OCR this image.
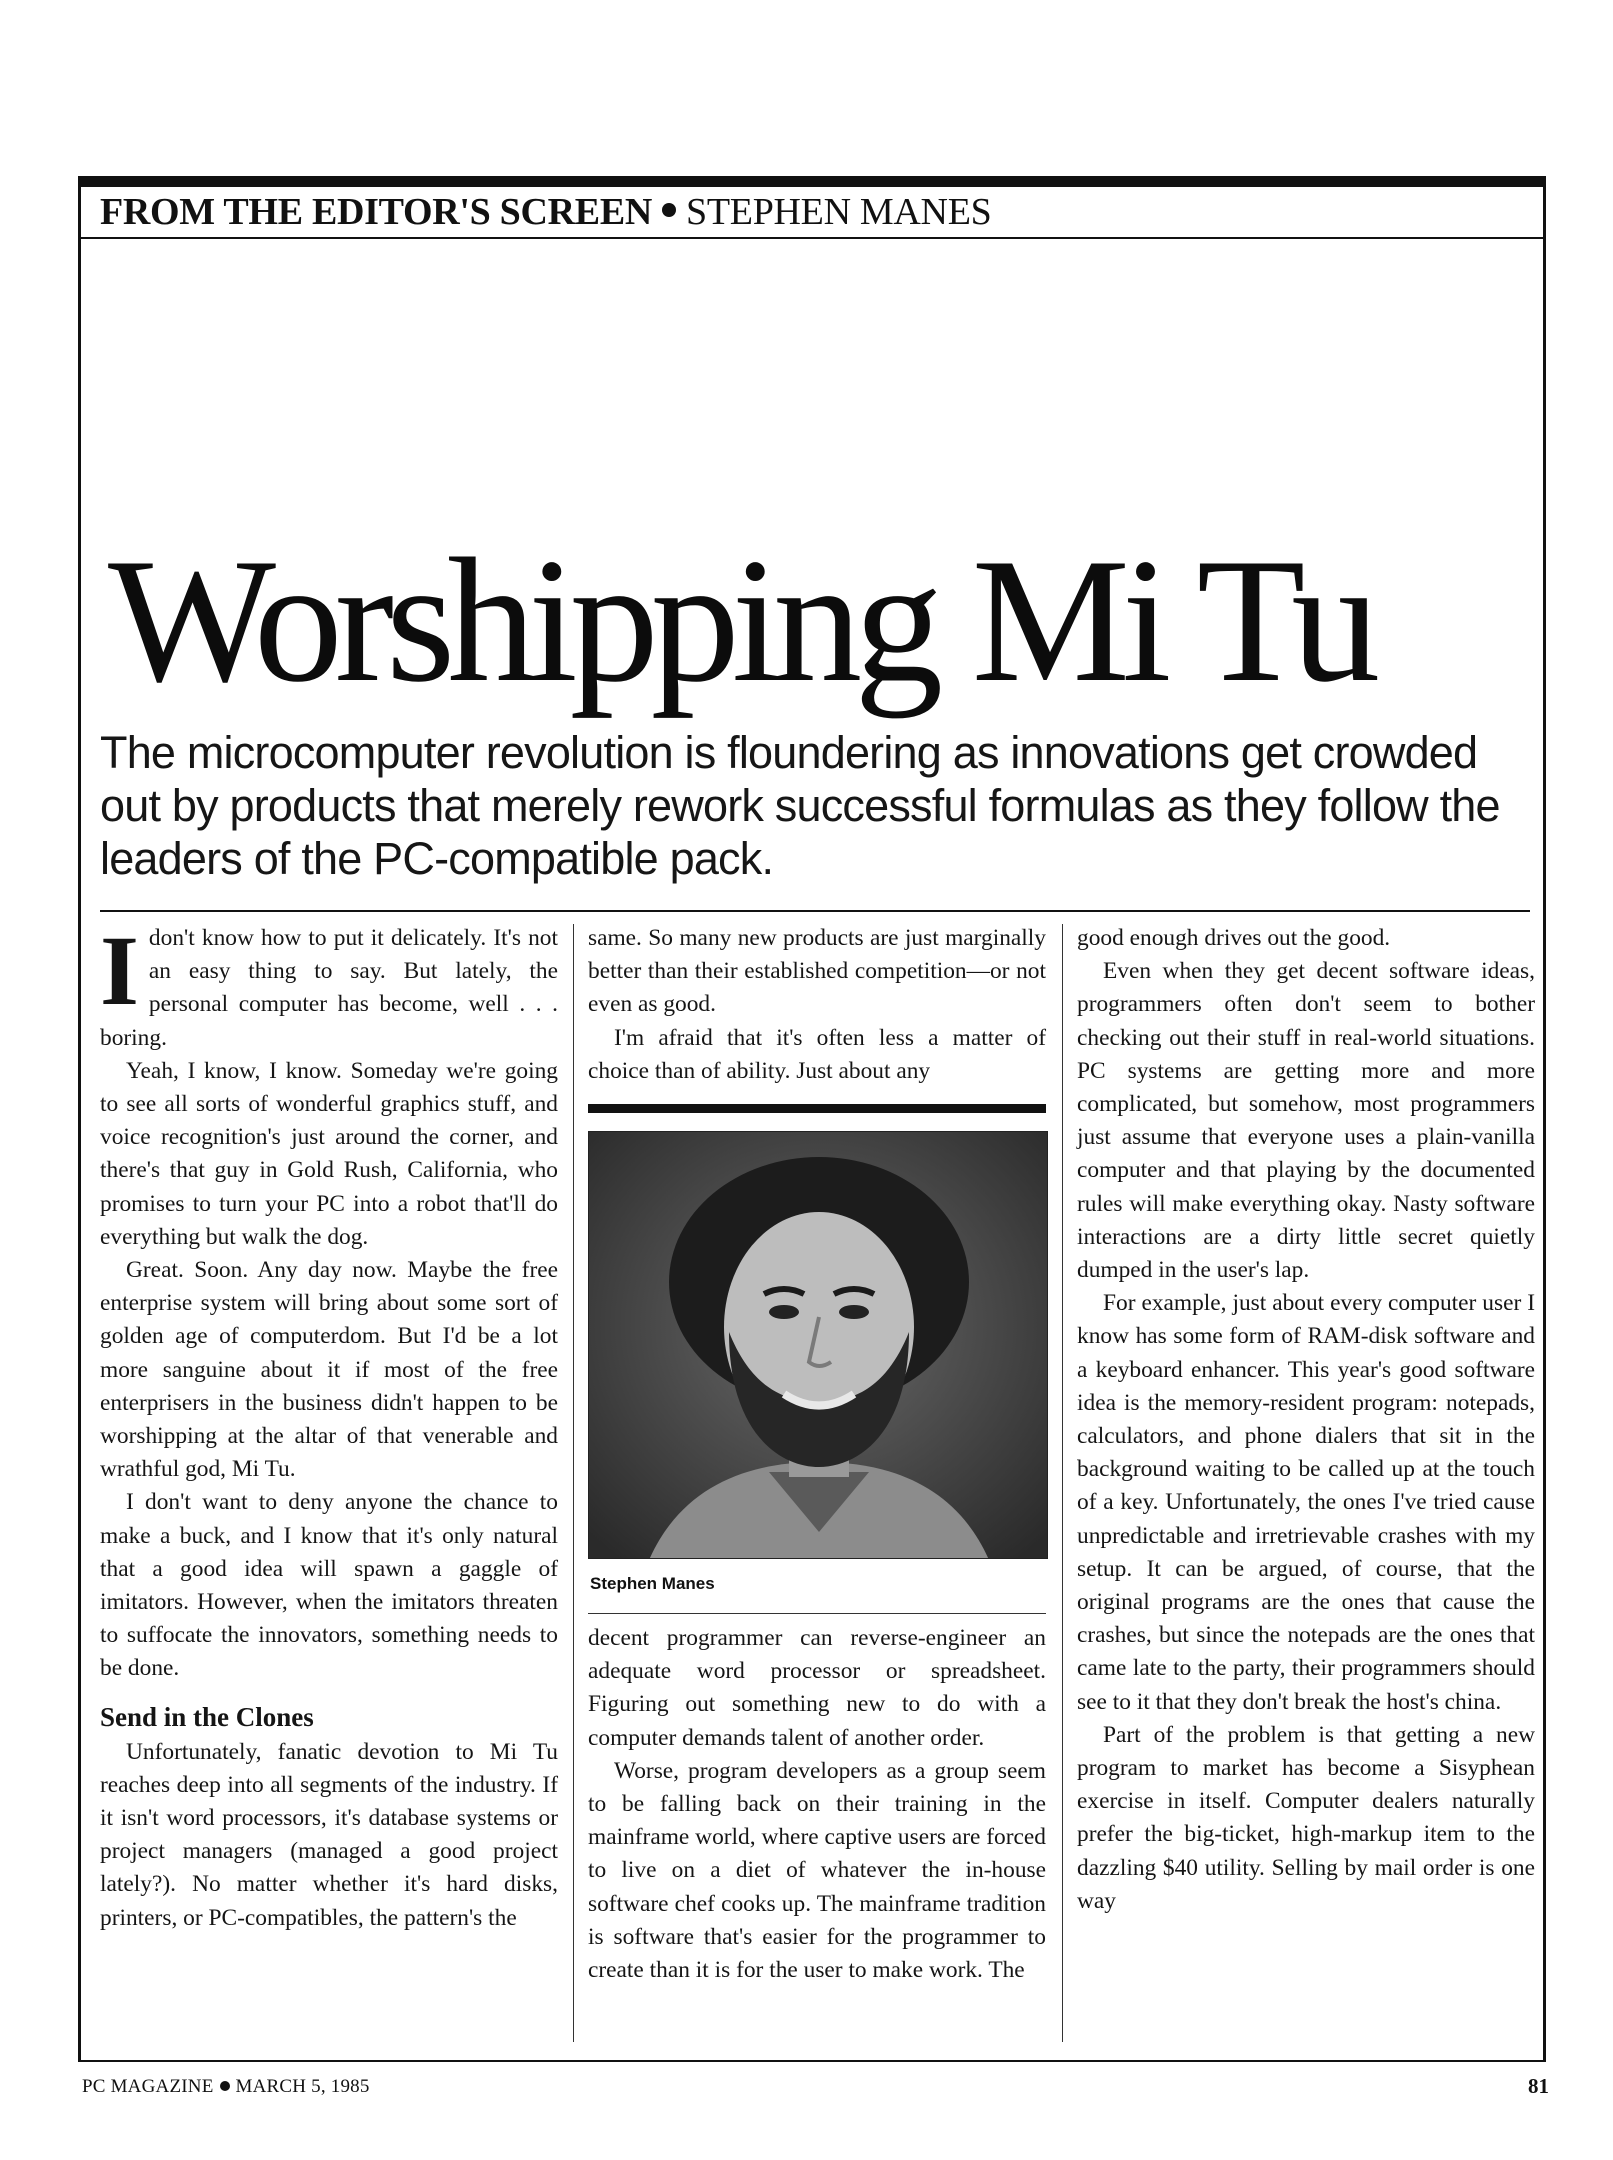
FROM THE EDITOR'S SCREEN STEPHEN MANES
Worshipping Mi Tu
The microcomputer revolution is floundering as innovations get crowded out by products that merely rework successful formulas as they follow the leaders of the PC-compatible pack.

Idon't know how to put it delicately. It's not an easy thing to say. But lately, the personal computer has become, well . . . boring.

Yeah, I know, I know. Someday we're going to see all sorts of wonderful graphics stuff, and voice recognition's just around the corner, and there's that guy in Gold Rush, California, who promises to turn your PC into a robot that'll do everything but walk the dog.

Great. Soon. Any day now. Maybe the free enterprise system will bring about some sort of golden age of computerdom. But I'd be a lot more sanguine about it if most of the free enterprisers in the business didn't happen to be worshipping at the altar of that venerable and wrathful god, Mi Tu.

I don't want to deny anyone the chance to make a buck, and I know that it's only natural that a good idea will spawn a gaggle of imitators. However, when the imitators threaten to suffocate the innovators, something needs to be done.

Send in the Clones

Unfortunately, fanatic devotion to Mi Tu reaches deep into all segments of the industry. If it isn't word processors, it's database systems or project managers (managed a good project lately?). No matter whether it's hard disks, printers, or PC-compatibles, the pattern's the

same. So many new products are just marginally better than their established competition—or not even as good.

I'm afraid that it's often less a matter of choice than of ability. Just about any

Stephen Manes

decent programmer can reverse-engineer an adequate word processor or spreadsheet. Figuring out something new to do with a computer demands talent of another order.

Worse, program developers as a group seem to be falling back on their training in the mainframe world, where captive users are forced to live on a diet of whatever the in-house software chef cooks up. The mainframe tradition is software that's easier for the programmer to create than it is for the user to make work. The

good enough drives out the good.

Even when they get decent software ideas, programmers often don't seem to bother checking out their stuff in real-world situations. PC systems are getting more and more complicated, but somehow, most programmers just assume that everyone uses a plain-vanilla computer and that playing by the documented rules will make everything okay. Nasty software interactions are a dirty little secret quietly dumped in the user's lap.

For example, just about every computer user I know has some form of RAM-disk software and a keyboard enhancer. This year's good software idea is the memory-resident program: notepads, calculators, and phone dialers that sit in the background waiting to be called up at the touch of a key. Unfortunately, the ones I've tried cause unpredictable and irretrievable crashes with my setup. It can be argued, of course, that the original programs are the ones that cause the crashes, but since the notepads are the ones that came late to the party, their programmers should see to it that they don't break the host's china.

Part of the problem is that getting a new program to market has become a Sisyphean exercise in itself. Computer dealers naturally prefer the big-ticket, high-markup item to the dazzling $40 utility. Selling by mail order is one way

PC MAGAZINE MARCH 5, 1985	81
